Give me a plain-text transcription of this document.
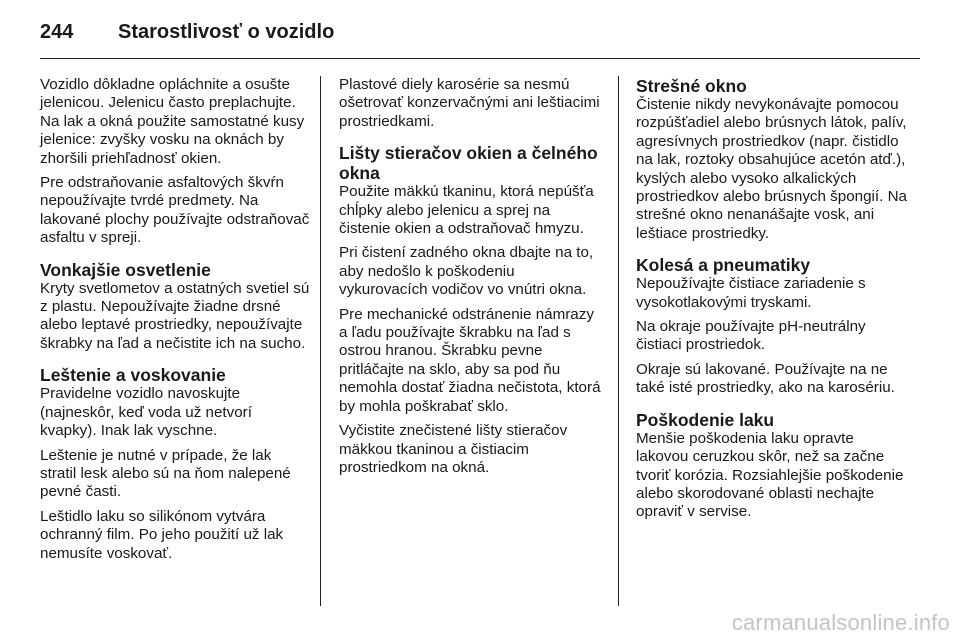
244	Starostlivosť o vozidlo

Vozidlo dôkladne opláchnite a osušte jelenicou. Jelenicu často preplachujte. Na lak a okná použite samostatné kusy jelenice: zvyšky vosku na oknách by zhoršili priehľadnosť okien.

Pre odstraňovanie asfaltových škvŕn nepoužívajte tvrdé predmety. Na lakované plochy používajte odstraňovač asfaltu v spreji.

Vonkajšie osvetlenie

Kryty svetlometov a ostatných svetiel sú z plastu. Nepoužívajte žiadne drsné alebo leptavé prostriedky, nepoužívajte škrabky na ľad a nečistite ich na sucho.

Leštenie a voskovanie

Pravidelne vozidlo navoskujte (najneskôr, keď voda už netvorí kvapky). Inak lak vyschne.

Leštenie je nutné v prípade, že lak stratil lesk alebo sú na ňom nalepené pevné časti.

Leštidlo laku so silikónom vytvára ochranný film. Po jeho použití už lak nemusíte voskovať.

Plastové diely karosérie sa nesmú ošetrovať konzervačnými ani leštiacimi prostriedkami.

Lišty stieračov okien a čelného okna

Použite mäkkú tkaninu, ktorá nepúšťa chĺpky alebo jelenicu a sprej na čistenie okien a odstraňovač hmyzu.

Pri čistení zadného okna dbajte na to, aby nedošlo k poškodeniu vykurovacích vodičov vo vnútri okna.

Pre mechanické odstránenie námrazy a ľadu používajte škrabku na ľad s ostrou hranou. Škrabku pevne pritláčajte na sklo, aby sa pod ňu nemohla dostať žiadna nečistota, ktorá by mohla poškrabať sklo.

Vyčistite znečistené lišty stieračov mäkkou tkaninou a čistiacim prostriedkom na okná.

Strešné okno

Čistenie nikdy nevykonávajte pomocou rozpúšťadiel alebo brúsnych látok, palív, agresívnych prostriedkov (napr. čistidlo na lak, roztoky obsahujúce acetón atď.), kyslých alebo vysoko alkalických prostriedkov alebo brúsnych špongií. Na strešné okno nenanášajte vosk, ani leštiace prostriedky.

Kolesá a pneumatiky

Nepoužívajte čistiace zariadenie s vysokotlakovými tryskami.

Na okraje používajte pH-neutrálny čistiaci prostriedok.

Okraje sú lakované. Používajte na ne také isté prostriedky, ako na karosériu.

Poškodenie laku

Menšie poškodenia laku opravte lakovou ceruzkou skôr, než sa začne tvoriť korózia. Rozsiahlejšie poškodenie alebo skorodované oblasti nechajte opraviť v servise.

carmanualsonline.info
